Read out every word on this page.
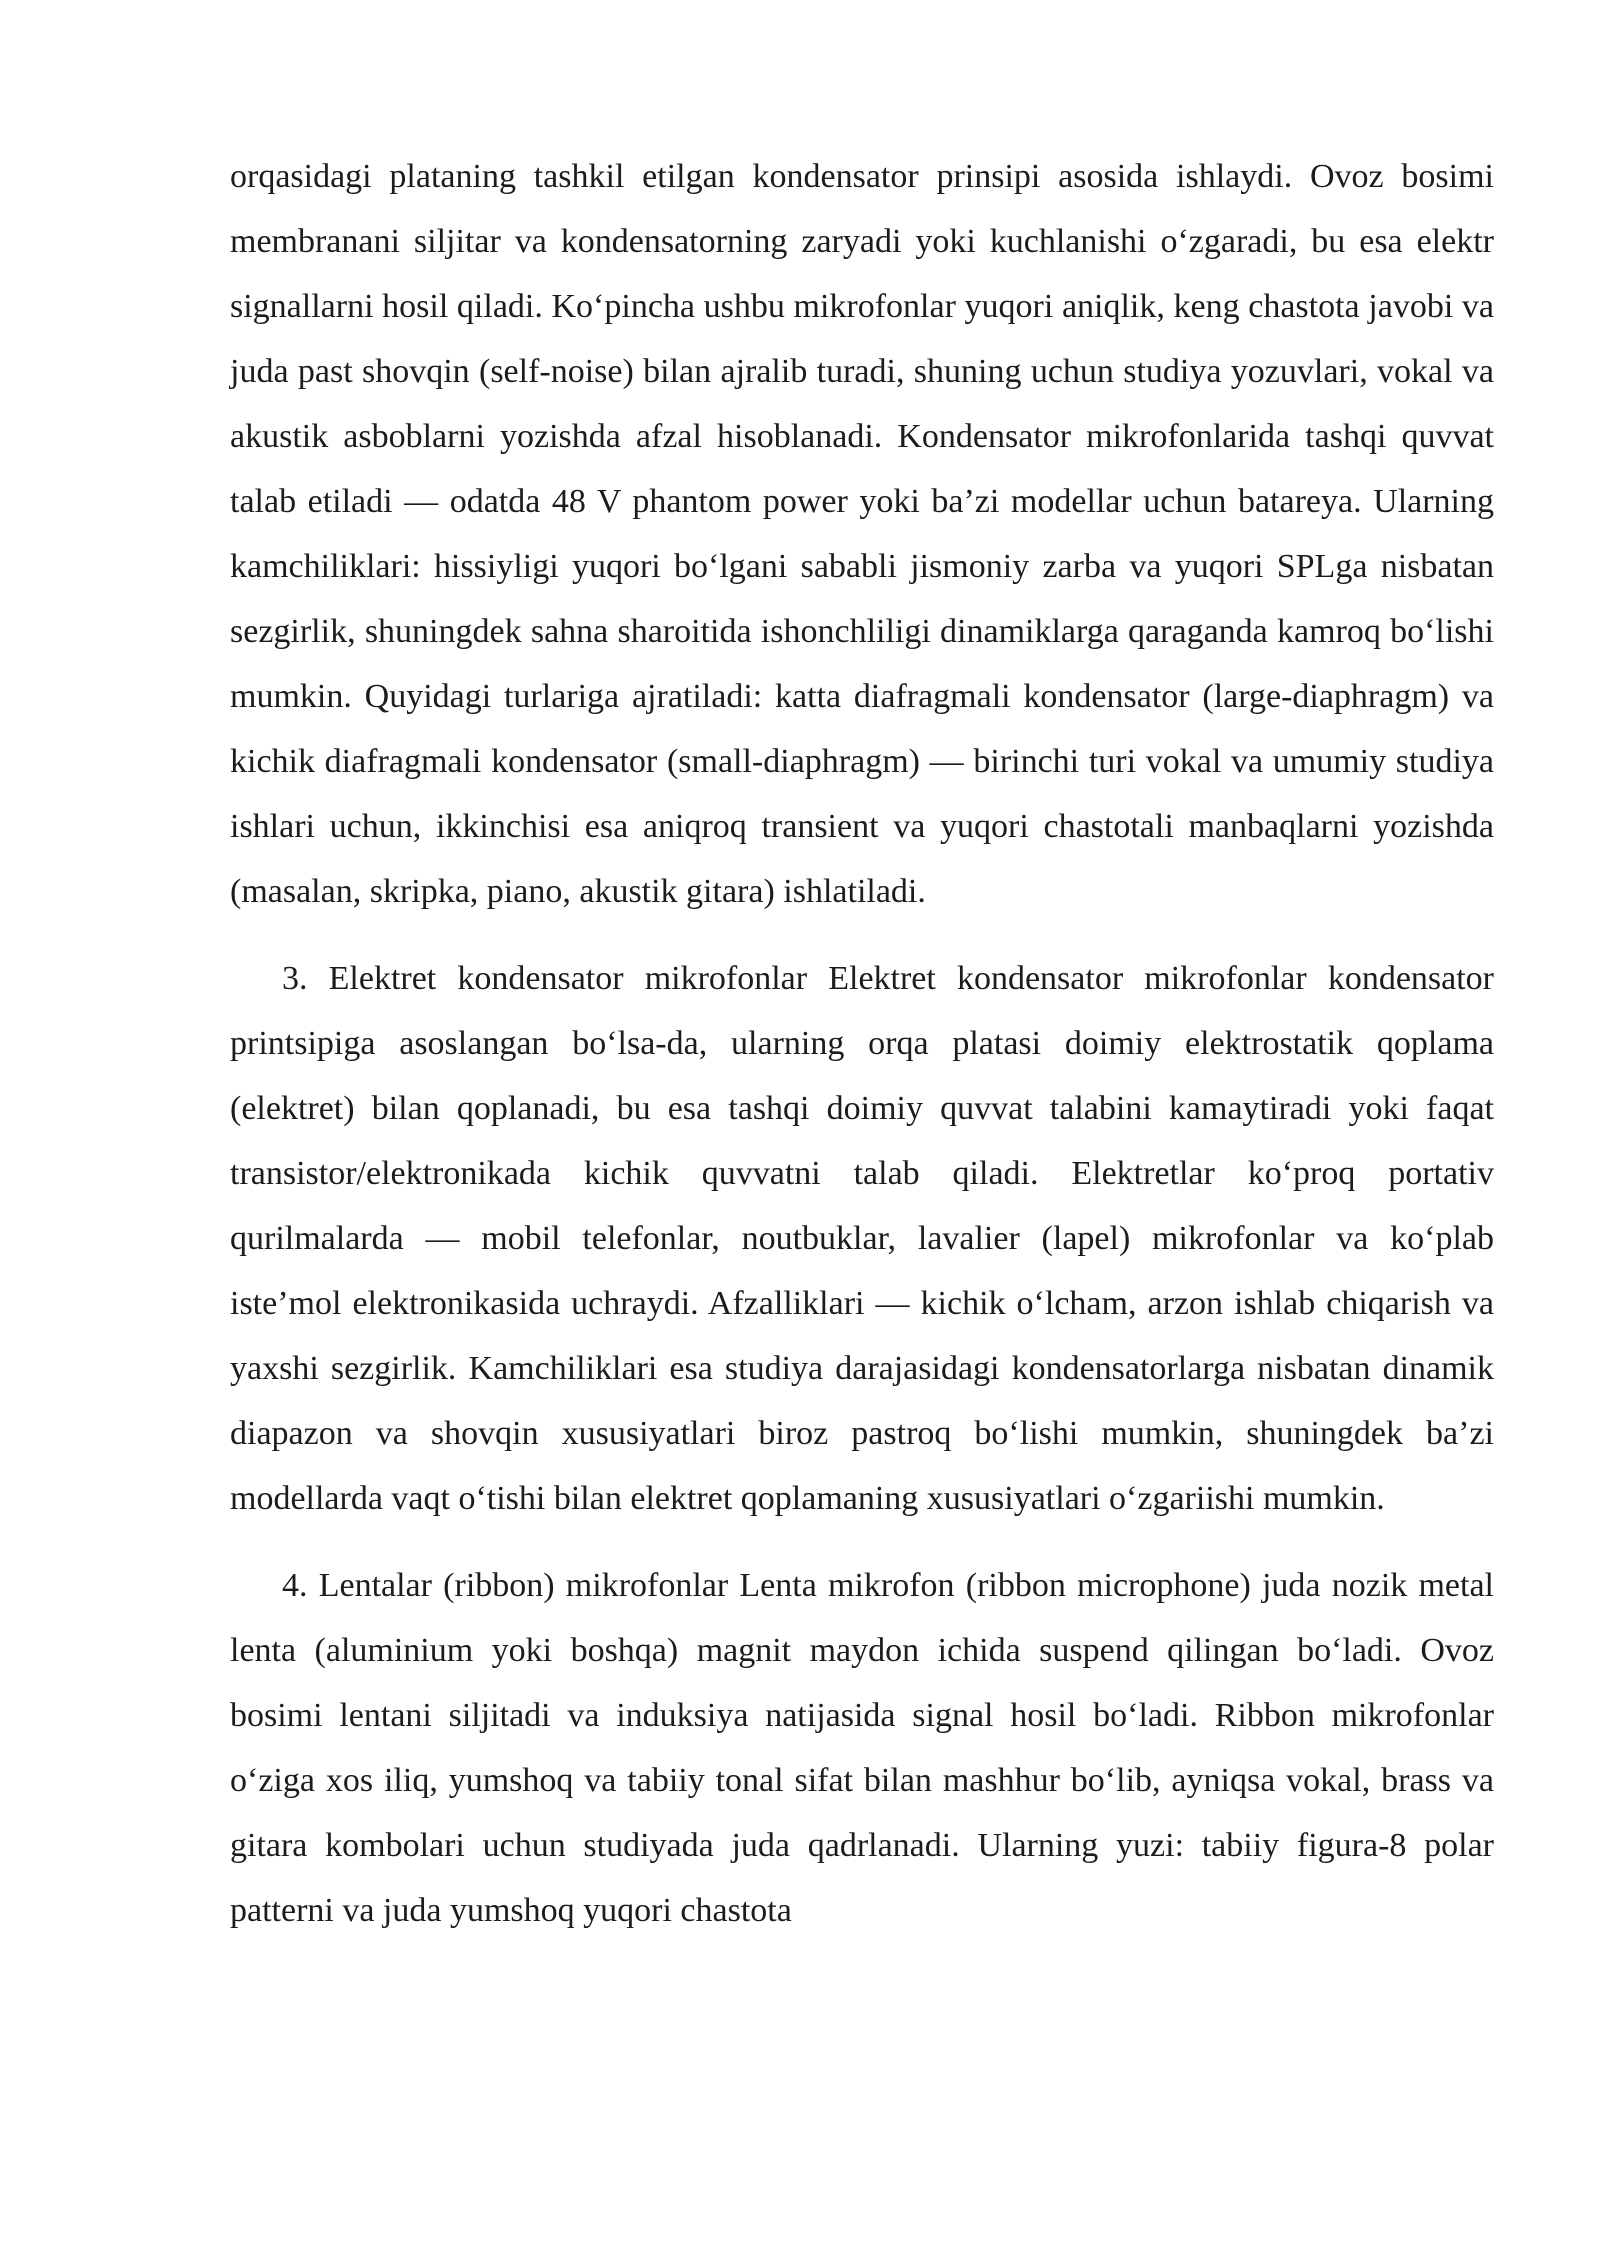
orqasidagi plataning tashkil etilgan kondensator prinsipi asosida ishlaydi. Ovoz bosimi membranani siljitar va kondensatorning zaryadi yoki kuchlanishi o‘zgaradi, bu esa elektr signallarni hosil qiladi. Ko‘pincha ushbu mikrofonlar yuqori aniqlik, keng chastota javobi va juda past shovqin (self-noise) bilan ajralib turadi, shuning uchun studiya yozuvlari, vokal va akustik asboblarni yozishda afzal hisoblanadi. Kondensator mikrofonlarida tashqi quvvat talab etiladi — odatda 48 V phantom power yoki ba’zi modellar uchun batareya. Ularning kamchiliklari: hissiyligi yuqori bo‘lgani sababli jismoniy zarba va yuqori SPLga nisbatan sezgirlik, shuningdek sahna sharoitida ishonchliligi dinamiklarga qaraganda kamroq bo‘lishi mumkin. Quyidagi turlariga ajratiladi: katta diafragmali kondensator (large-diaphragm) va kichik diafragmali kondensator (small-diaphragm) — birinchi turi vokal va umumiy studiya ishlari uchun, ikkinchisi esa aniqroq transient va yuqori chastotali manbaqlarni yozishda (masalan, skripka, piano, akustik gitara) ishlatiladi.

3. Elektret kondensator mikrofonlar Elektret kondensator mikrofonlar kondensator printsipiga asoslangan bo‘lsa-da, ularning orqa platasi doimiy elektrostatik qoplama (elektret) bilan qoplanadi, bu esa tashqi doimiy quvvat talabini kamaytiradi yoki faqat transistor/elektronikada kichik quvvatni talab qiladi. Elektretlar ko‘proq portativ qurilmalarda — mobil telefonlar, noutbuklar, lavalier (lapel) mikrofonlar va ko‘plab iste’mol elektronikasida uchraydi. Afzalliklari — kichik o‘lcham, arzon ishlab chiqarish va yaxshi sezgirlik. Kamchiliklari esa studiya darajasidagi kondensatorlarga nisbatan dinamik diapazon va shovqin xususiyatlari biroz pastroq bo‘lishi mumkin, shuningdek ba’zi modellarda vaqt o‘tishi bilan elektret qoplamaning xususiyatlari o‘zgariishi mumkin.

4. Lentalar (ribbon) mikrofonlar Lenta mikrofon (ribbon microphone) juda nozik metal lenta (aluminium yoki boshqa) magnit maydon ichida suspend qilingan bo‘ladi. Ovoz bosimi lentani siljitadi va induksiya natijasida signal hosil bo‘ladi. Ribbon mikrofonlar o‘ziga xos iliq, yumshoq va tabiiy tonal sifat bilan mashhur bo‘lib, ayniqsa vokal, brass va gitara kombolari uchun studiyada juda qadrlanadi. Ularning yuzi: tabiiy figura-8 polar patterni va juda yumshoq yuqori chastota
